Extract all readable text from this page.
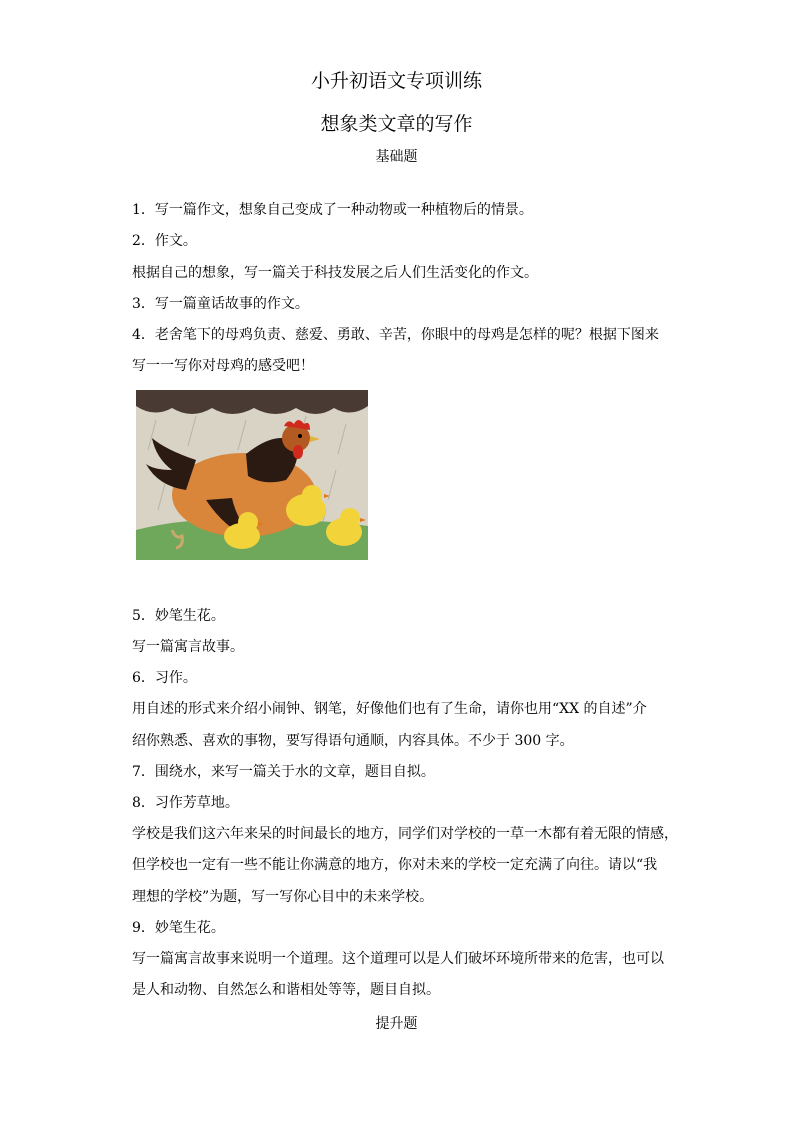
小升初语文专项训练
想象类文章的写作
基础题
1．写一篇作文，想象自己变成了一种动物或一种植物后的情景。
2．作文。
根据自己的想象，写一篇关于科技发展之后人们生活变化的作文。
3．写一篇童话故事的作文。
4．老舍笔下的母鸡负责、慈爱、勇敢、辛苦，你眼中的母鸡是怎样的呢？根据下图来
写一一写你对母鸡的感受吧！
5．妙笔生花。
写一篇寓言故事。
6．习作。
用自述的形式来介绍小闹钟、钢笔，好像他们也有了生命，请你也用“XX 的自述”介
绍你熟悉、喜欢的事物，要写得语句通顺，内容具体。不少于 300 字。
7．围绕水，来写一篇关于水的文章，题目自拟。
8．习作芳草地。
学校是我们这六年来呆的时间最长的地方，同学们对学校的一草一木都有着无限的情感，
但学校也一定有一些不能让你满意的地方，你对未来的学校一定充满了向往。请以“我
理想的学校”为题，写一写你心目中的未来学校。
9．妙笔生花。
写一篇寓言故事来说明一个道理。这个道理可以是人们破坏环境所带来的危害，也可以
是人和动物、自然怎么和谐相处等等，题目自拟。
提升题
